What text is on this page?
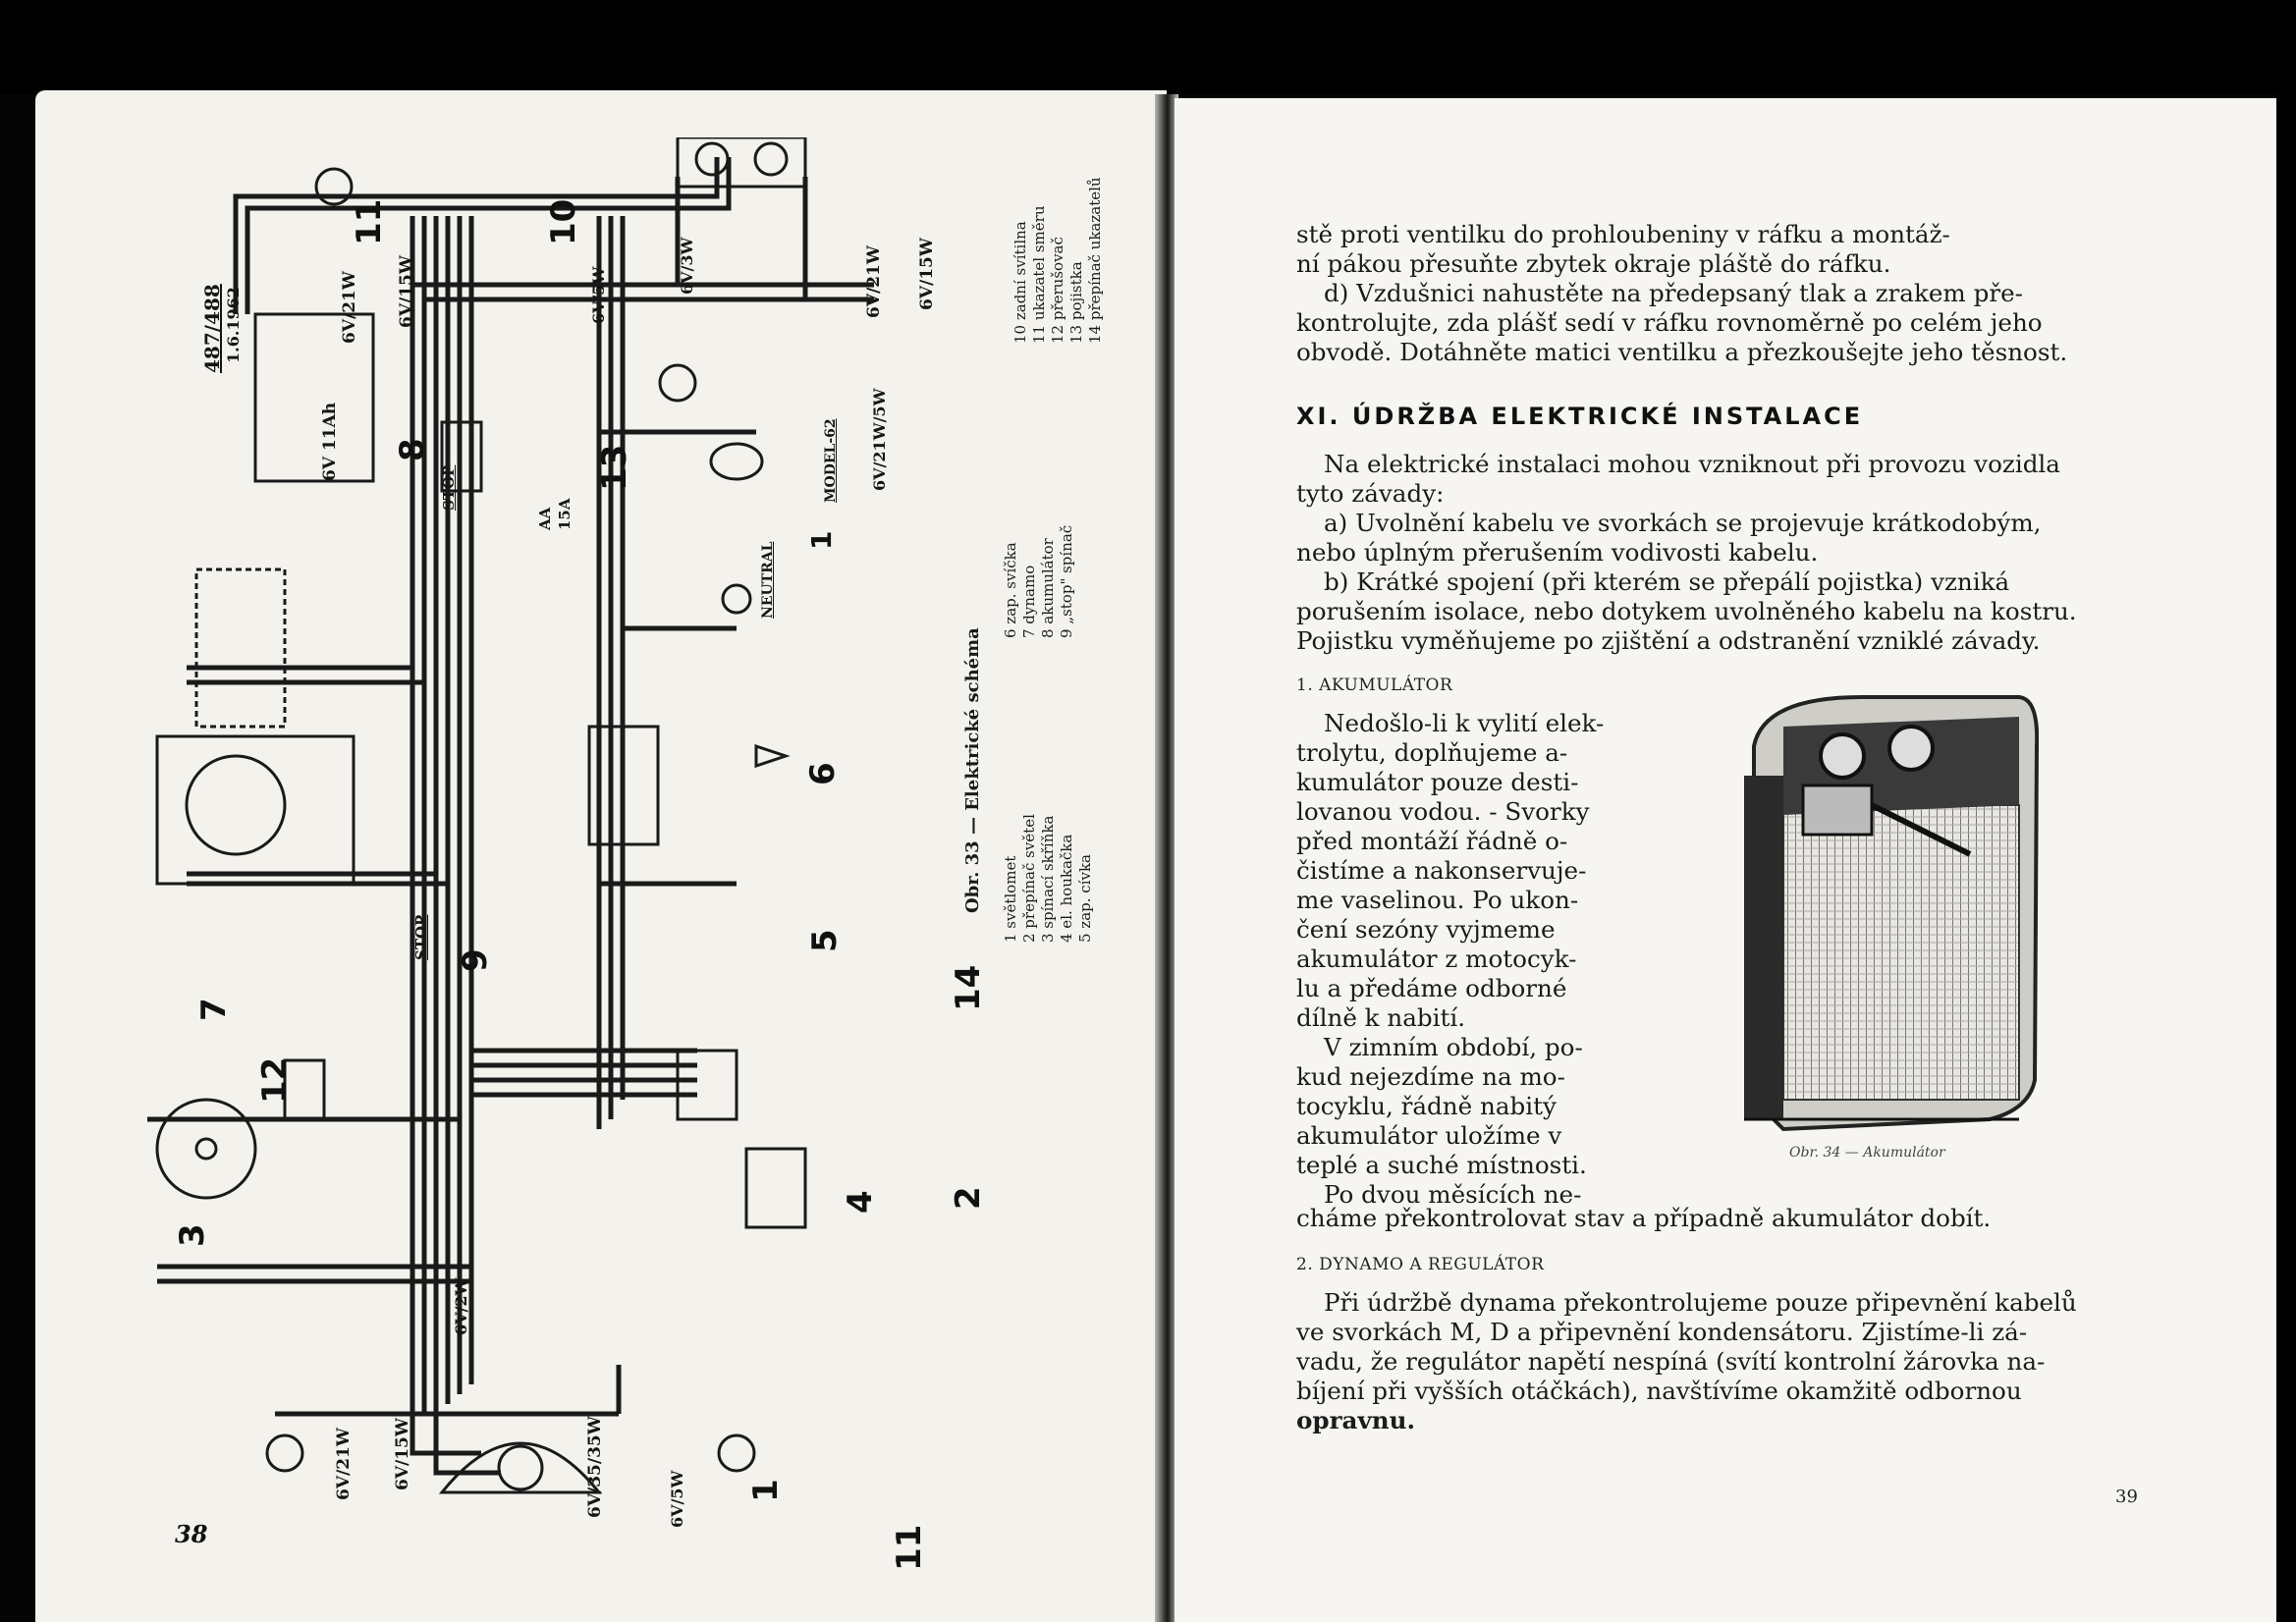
3
7
12
8
9
13
10
11
6
5
14
2
4
1
11
1
487/488 1.6.1962	6V/21W 6V/15W
6V/21W 6V/15W
6V/5W
6V/3W	6V/21W 6V/15W
6V/35/35W	6V/5W
6V/2W
6V/21W/5W
6V 11Ah
STOP
STOP
NEUTRAL
MODEL-62
AA 15A
Obr. 33 — Elektrické schéma 1 světlomet 2 přepínač světel 3 spínací skříňka 4 el. houkačka 5 zap. cívka
6 zap. svíčka 7 dynamo 8 akumulátor 9 „stop" spínač
10 zadní svítilna 11 ukazatel směru 12 přerušovač 13 pojistka 14 přepínač ukazatelů
38

stě proti ventilku do prohloubeniny v ráfku a montáž-

ní pákou přesuňte zbytek okraje pláště do ráfku.

d) Vzdušnici nahustěte na předepsaný tlak a zrakem pře-

kontrolujte, zda plášť sedí v ráfku rovnoměrně po celém jeho

obvodě. Dotáhněte matici ventilku a přezkoušejte jeho těsnost.

XI. ÚDRŽBA ELEKTRICKÉ INSTALACE

Na elektrické instalaci mohou vzniknout při provozu vozidla

tyto závady:

a) Uvolnění kabelu ve svorkách se projevuje krátkodobým,

nebo úplným přerušením vodivosti kabelu.

b) Krátké spojení (při kterém se přepálí pojistka) vzniká

porušením isolace, nebo dotykem uvolněného kabelu na kostru.

Pojistku vyměňujeme po zjištění a odstranění vzniklé závady.

1. AKUMULÁTOR

Nedošlo-li k vylití elek-

trolytu, doplňujeme a-

kumulátor pouze desti-

lovanou vodou. - Svorky

před montáží řádně o-

čistíme a nakonservuje-

me vaselinou. Po ukon-

čení sezóny vyjmeme

akumulátor z motocyk-

lu a předáme odborné

dílně k nabití.

V zimním období, po-

kud nejezdíme na mo-

tocyklu, řádně nabitý

akumulátor uložíme v

teplé a suché místnosti.

Po dvou měsících ne-

Obr. 34 — Akumulátor

cháme překontrolovat stav a případně akumulátor dobít.

2. DYNAMO A REGULÁTOR

Při údržbě dynama překontrolujeme pouze připevnění kabelů

ve svorkách M, D a připevnění kondensátoru. Zjistíme-li zá-

vadu, že regulátor napětí nespíná (svítí kontrolní žárovka na-

bíjení při vyšších otáčkách), navštívíme okamžitě odbornou

opravnu.

39
